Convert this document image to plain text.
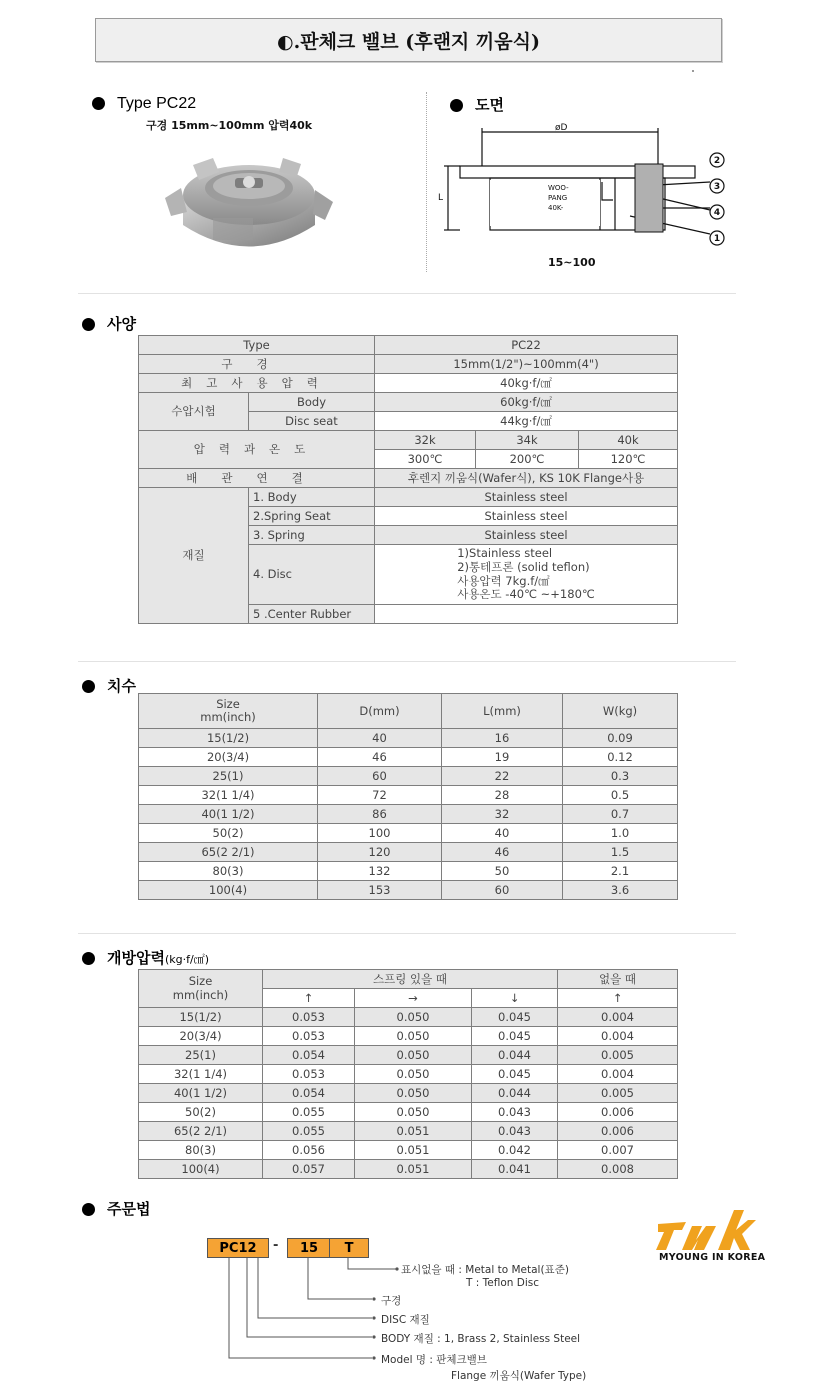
◐.판체크 밸브 (후랜지 끼움식)
Type PC22
구경 15mm~100mm 압력40k
도면
WOO-
PANG
40K-
øD
L
15~100
2
3
4
1
사양
Type		PC22		
구경		15mm(1/2")~100mm(4")		
최고사용압력		40kg·f/㎠		
수압시험	Body	60kg·f/㎠		
	Disc seat	44kg·f/㎠		
압력과온도		32k	34k	40k
		300℃	200℃	120℃
배관연결		후렌지 끼움식(Wafer식), KS 10K Flange사용		
재질	1. Body	Stainless steel		
	2.Spring Seat	Stainless steel		
	3. Spring	Stainless steel		
	4. Disc	1)Stainless steel
2)통테프론 (solid teflon)
사용압력 7kg.f/㎠
사용온도 -40℃ ~+180℃		

	5 .Center Rubber			
치수
Size
mm(inch)	D(mm)	L(mm)	W(kg)
15(1/2)	40	16	0.09
20(3/4)	46	19	0.12
25(1)	60	22	0.3
32(1 1/4)	72	28	0.5
40(1 1/2)	86	32	0.7
50(2)	100	40	1.0
65(2 2/1)	120	46	1.5
80(3)	132	50	2.1
100(4)	153	60	3.6
개방압력(kg·f/㎠)
Size
mm(inch)	스프링 있을 때			없을 때
	↑	→	↓	↑
15(1/2)	0.053	0.050	0.045	0.004
20(3/4)	0.053	0.050	0.045	0.004
25(1)	0.054	0.050	0.044	0.005
32(1 1/4)	0.053	0.050	0.045	0.004
40(1 1/2)	0.054	0.050	0.044	0.005
50(2)	0.055	0.050	0.043	0.006
65(2 2/1)	0.055	0.051	0.043	0.006
80(3)	0.056	0.051	0.042	0.007
100(4)	0.057	0.051	0.041	0.008
주문법
MYOUNG IN KOREA
PC12	-	15	T
표시없을 때 : Metal to Metal(표준)
T : Teflon Disc
구경
DISC 재질
BODY 재질 : 1, Brass 2, Stainless Steel
Model 명 : 판체크밸브
Flange 끼움식(Wafer Type)
